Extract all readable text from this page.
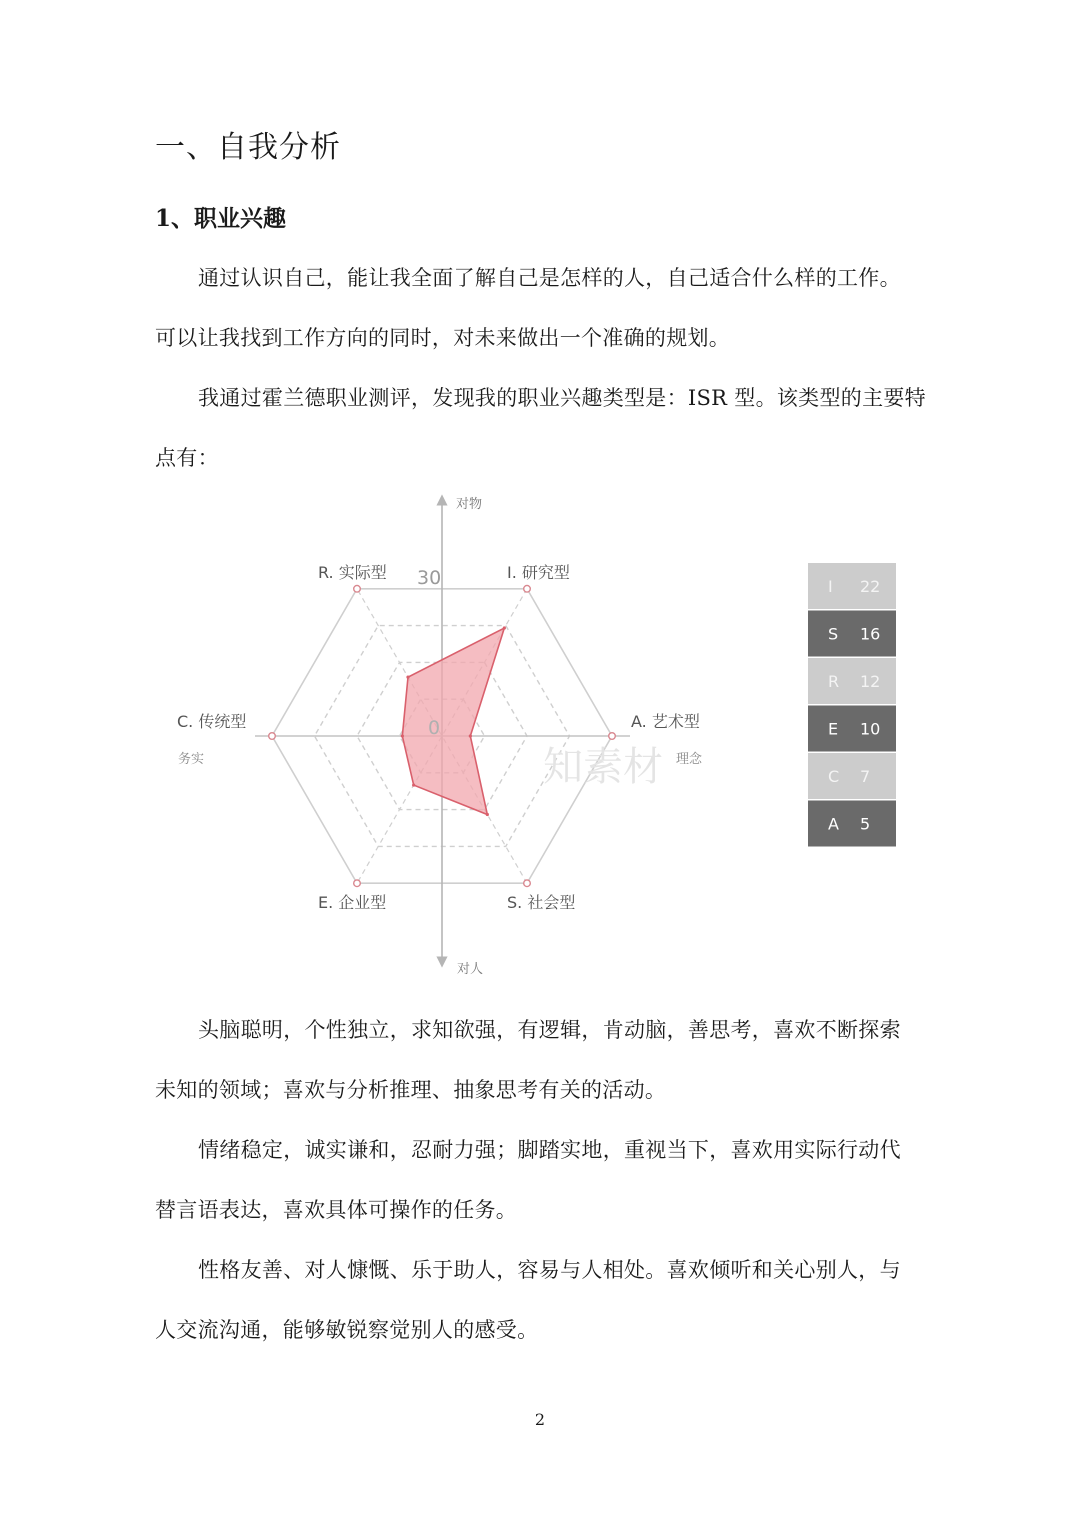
一、自我分析
1、职业兴趣
通过认识自己，能让我全面了解自己是怎样的人，自己适合什么样的工作。
可以让我找到工作方向的同时，对未来做出一个准确的规划。
我通过霍兰德职业测评，发现我的职业兴趣类型是：ISR 型。该类型的主要特
点有：
知素材
对物
对人
务实	理念
30
0
I. 研究型
A. 艺术型
S. 社会型
E. 企业型
C. 传统型
R. 实际型
I 22
S 16
R 12
E 10
C 7
A 5
头脑聪明，个性独立，求知欲强，有逻辑，肯动脑，善思考，喜欢不断探索
未知的领域；喜欢与分析推理、抽象思考有关的活动。
情绪稳定，诚实谦和，忍耐力强；脚踏实地，重视当下，喜欢用实际行动代
替言语表达，喜欢具体可操作的任务。
性格友善、对人慷慨、乐于助人，容易与人相处。喜欢倾听和关心别人，与
人交流沟通，能够敏锐察觉别人的感受。
2
